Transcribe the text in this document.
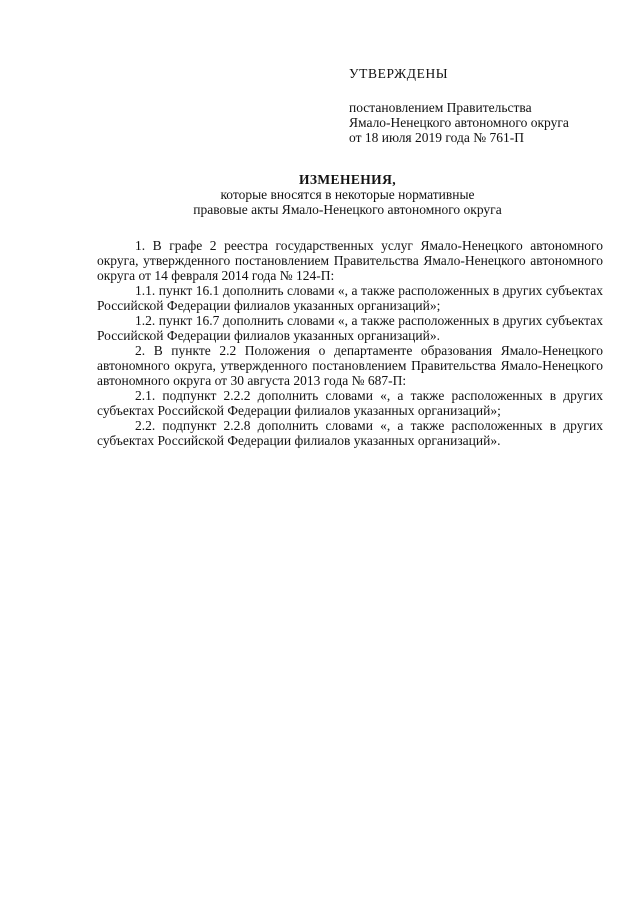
УТВЕРЖДЕНЫ
постановлением Правительства
Ямало-Ненецкого автономного округа
от 18 июля 2019 года № 761-П
ИЗМЕНЕНИЯ,
которые вносятся в некоторые нормативные
правовые акты Ямало-Ненецкого автономного округа

1. В графе 2 реестра государственных услуг Ямало-Ненецкого автономного округа, утвержденного постановлением Правительства Ямало-Ненецкого автономного округа от 14 февраля 2014 года № 124-П:

1.1. пункт 16.1 дополнить словами «, а также расположенных в других субъектах Российской Федерации филиалов указанных организаций»;

1.2. пункт 16.7 дополнить словами «, а также расположенных в других субъектах Российской Федерации филиалов указанных организаций».

2. В пункте 2.2 Положения о департаменте образования Ямало-Ненецкого автономного округа, утвержденного постановлением Правительства Ямало-Ненецкого автономного округа от 30 августа 2013 года № 687-П:

2.1. подпункт 2.2.2 дополнить словами «, а также расположенных в других субъектах Российской Федерации филиалов указанных организаций»;

2.2. подпункт 2.2.8 дополнить словами «, а также расположенных в других субъектах Российской Федерации филиалов указанных организаций».
